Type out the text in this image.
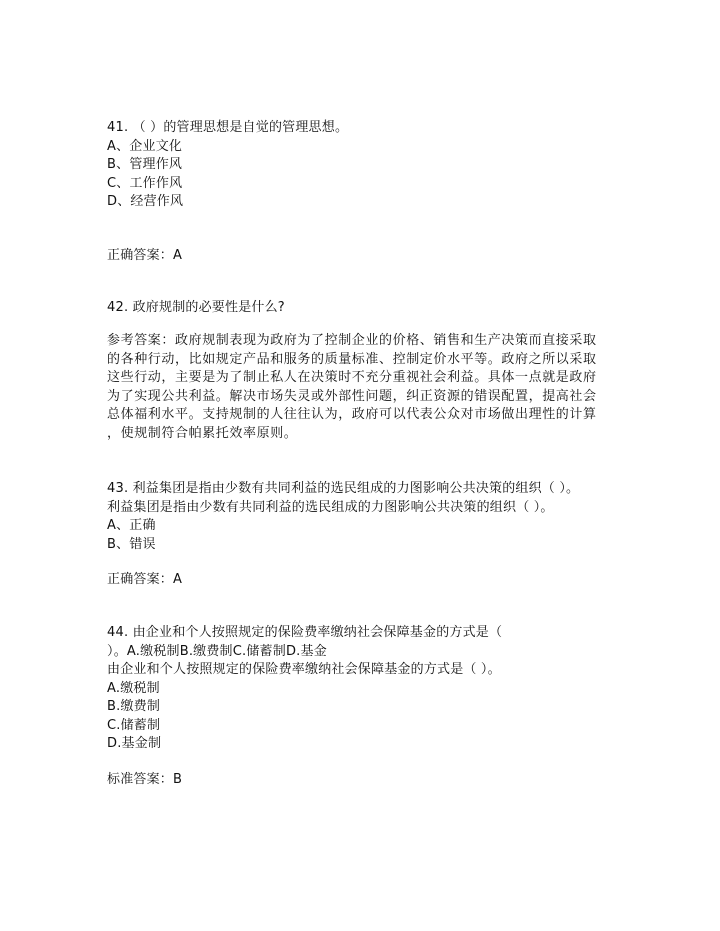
41. （ ）的管理思想是自觉的管理思想。
A、企业文化
B、管理作风
C、工作作风
D、经营作风
正确答案：A
42. 政府规制的必要性是什么?
参考答案：政府规制表现为政府为了控制企业的价格、销售和生产决策而直接采取
的各种行动，比如规定产品和服务的质量标准、控制定价水平等。政府之所以采取
这些行动，主要是为了制止私人在决策时不充分重视社会利益。具体一点就是政府
为了实现公共利益。解决市场失灵或外部性问题，纠正资源的错误配置，提高社会
总体福利水平。支持规制的人往往认为，政府可以代表公众对市场做出理性的计算
，使规制符合帕累托效率原则。
43. 利益集团是指由少数有共同利益的选民组成的力图影响公共决策的组织（ ）。
利益集团是指由少数有共同利益的选民组成的力图影响公共决策的组织（ ）。
A、正确
B、错误
正确答案：A
44. 由企业和个人按照规定的保险费率缴纳社会保障基金的方式是（
）。A.缴税制B.缴费制C.储蓄制D.基金
由企业和个人按照规定的保险费率缴纳社会保障基金的方式是（ ）。
A.缴税制
B.缴费制
C.储蓄制
D.基金制
标准答案：B
